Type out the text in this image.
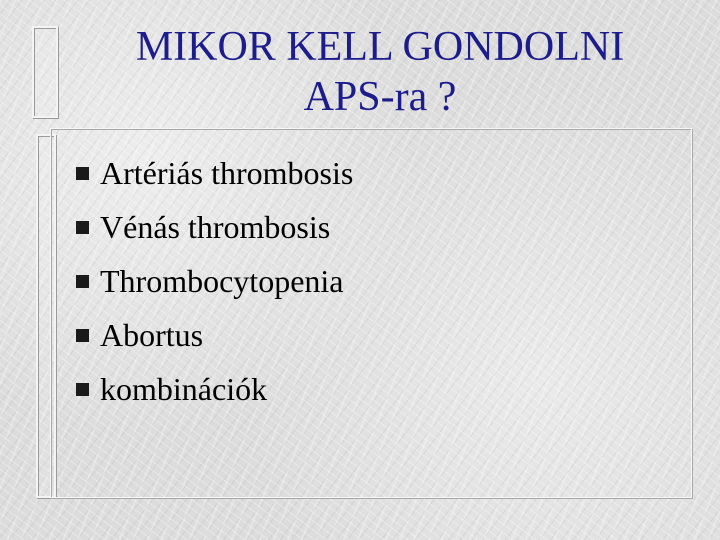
MIKOR KELL GONDOLNI
APS-ra ?
Artériás thrombosis
Vénás thrombosis
Thrombocytopenia
Abortus
kombinációk
